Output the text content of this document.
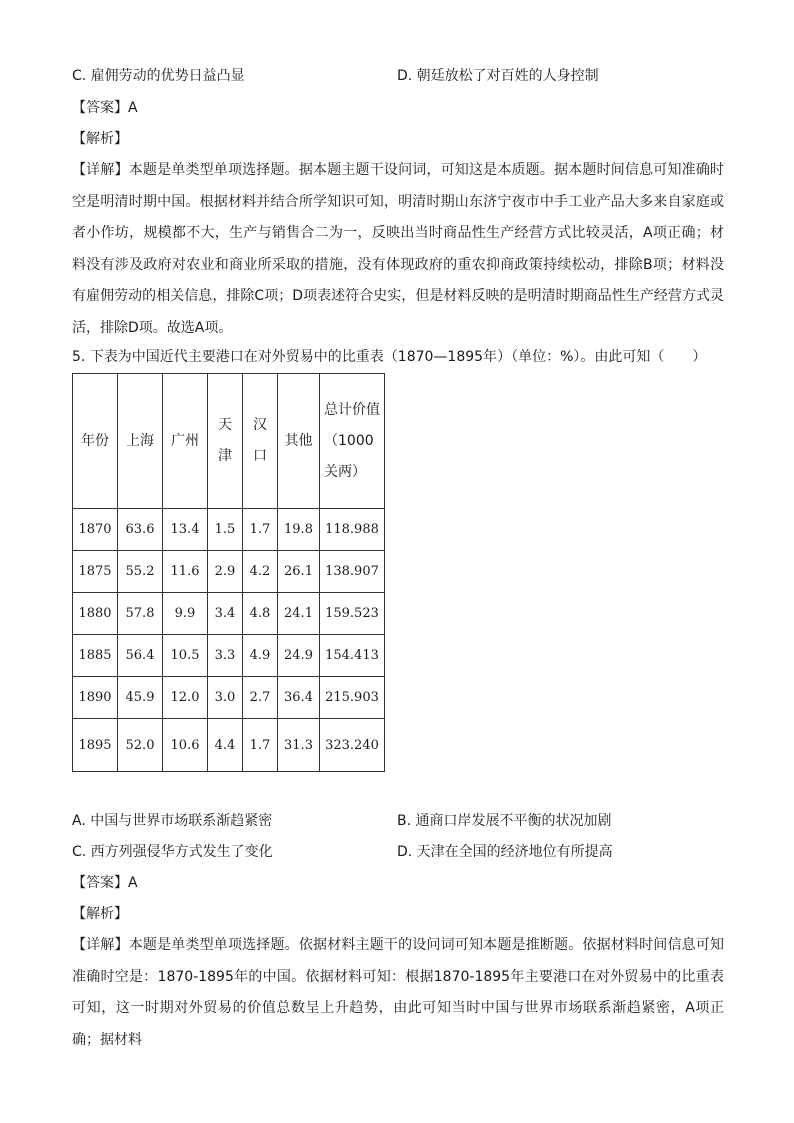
C. 雇佣劳动的优势日益凸显	D. 朝廷放松了对百姓的人身控制
【答案】A
【解析】
【详解】本题是单类型单项选择题。据本题主题干设问词，可知这是本质题。据本题时间信息可知准确时空是明清时期中国。根据材料并结合所学知识可知，明清时期山东济宁夜市中手工业产品大多来自家庭或者小作坊，规模都不大，生产与销售合二为一，反映出当时商品性生产经营方式比较灵活，A项正确；材料没有涉及政府对农业和商业所采取的措施，没有体现政府的重农抑商政策持续松动，排除B项；材料没有雇佣劳动的相关信息，排除C项；D项表述符合史实，但是材料反映的是明清时期商品性生产经营方式灵活，排除D项。故选A项。
5. 下表为中国近代主要港口在对外贸易中的比重表（1870—1895年）（单位：%）。由此可知（　　）
年份	上海	广州	天津	汉口	其他	总计价值（1000关两）
1870	63.6	13.4	1.5	1.7	19.8	118.988
1875	55.2	11.6	2.9	4.2	26.1	138.907
1880	57.8	9.9	3.4	4.8	24.1	159.523
1885	56.4	10.5	3.3	4.9	24.9	154.413
1890	45.9	12.0	3.0	2.7	36.4	215.903
1895	52.0	10.6	4.4	1.7	31.3	323.240
A. 中国与世界市场联系渐趋紧密	B. 通商口岸发展不平衡的状况加剧
C. 西方列强侵华方式发生了变化	D. 天津在全国的经济地位有所提高
【答案】A
【解析】
【详解】本题是单类型单项选择题。依据材料主题干的设问词可知本题是推断题。依据材料时间信息可知准确时空是：1870-1895年的中国。依据材料可知：根据1870-1895年主要港口在对外贸易中的比重表可知，这一时期对外贸易的价值总数呈上升趋势，由此可知当时中国与世界市场联系渐趋紧密，A项正确；据材料
